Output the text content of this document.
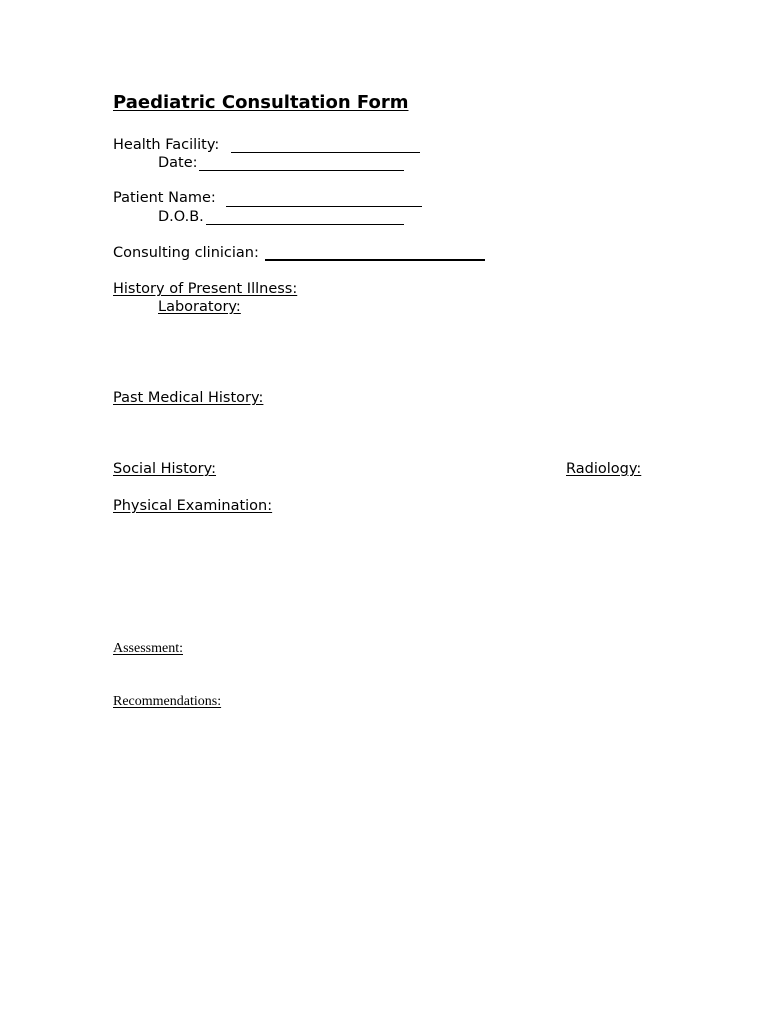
Paediatric Consultation Form
Health Facility:
Date:
Patient Name:
D.O.B.
Consulting clinician:
History of Present Illness:
Laboratory:
Past Medical History:
Social History:	Radiology:
Physical Examination:
Assessment:
Recommendations:
